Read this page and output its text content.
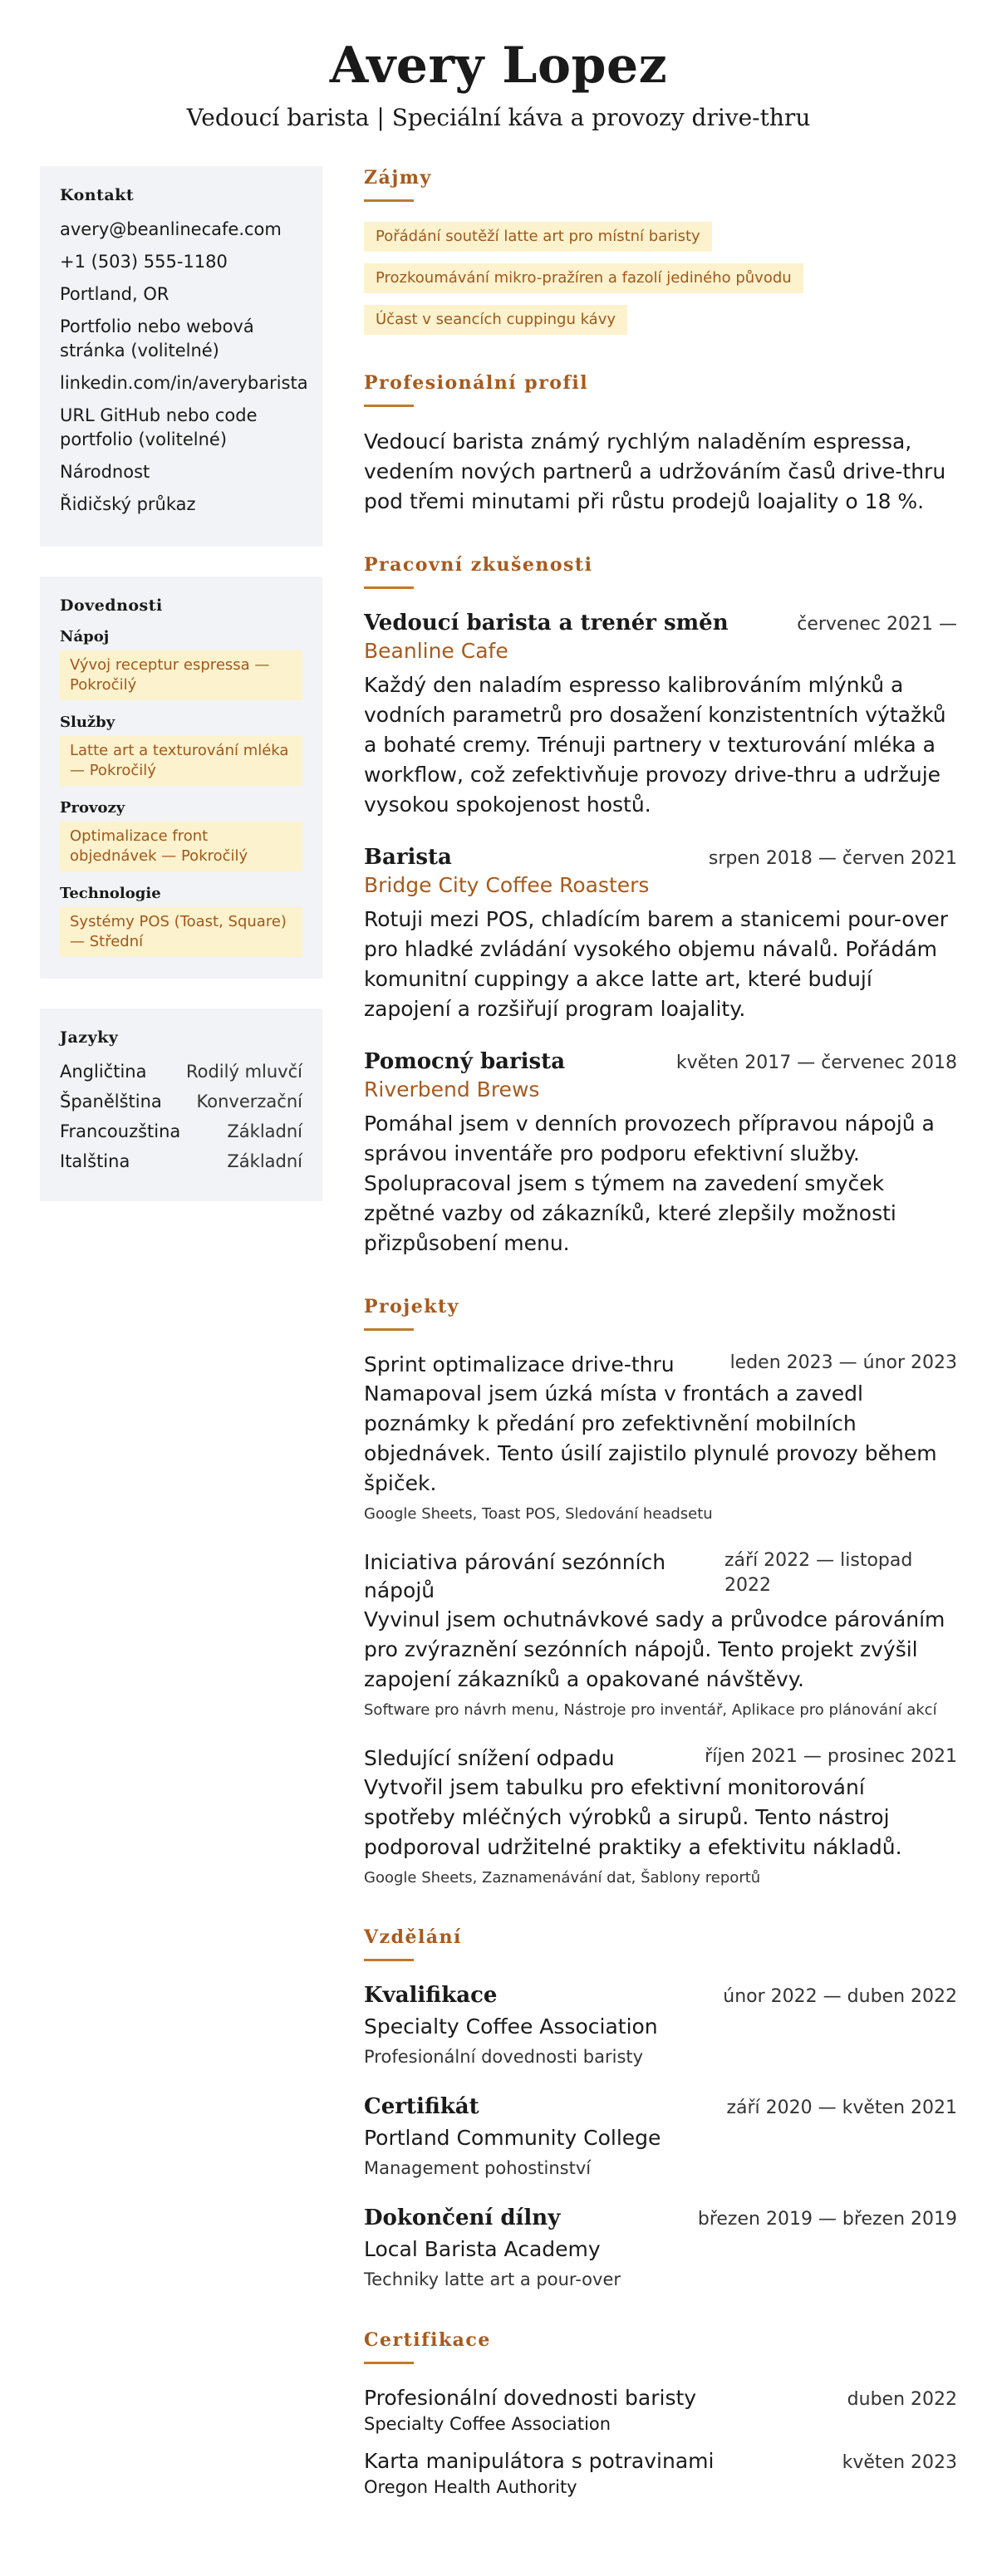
Avery Lopez
Vedoucí barista | Speciální káva a provozy drive-thru
Kontakt
avery@beanlinecafe.com
+1 (503) 555-1180
Portland, OR
Portfolio nebo webová stránka (volitelné)
linkedin.com/in/averybarista
URL GitHub nebo code portfolio (volitelné)
Národnost
Řidičský průkaz
Dovednosti
Nápoj
Vývoj receptur espressa — Pokročilý
Služby
Latte art a texturování mléka — Pokročilý
Provozy
Optimalizace front objednávek — Pokročilý
Technologie
Systémy POS (Toast, Square) — Střední
Jazyky
Angličtina Rodilý mluvčí
Španělština Konverzační
Francouzština	Základní
Italština	Základní
Zájmy
Pořádání soutěží latte art pro místní baristy
Prozkoumávání mikro-pražíren a fazolí jediného původu
Účast v seancích cuppingu kávy
Profesionální profil

Vedoucí barista známý rychlým naladěním espressa, vedením nových partnerů a udržováním časů drive-thru pod třemi minutami při růstu prodejů loajality o 18 %.

Pracovní zkušenosti
Vedoucí barista a trenér směn	červenec 2021 —
Beanline Cafe

Každý den naladím espresso kalibrováním mlýnků a vodních parametrů pro dosažení konzistentních výtažků a bohaté cremy. Trénuji partnery v texturování mléka a workflow, což zefektivňuje provozy drive-thru a udržuje vysokou spokojenost hostů.

Barista	srpen 2018 — červen 2021
Bridge City Coffee Roasters

Rotuji mezi POS, chladícím barem a stanicemi pour-over pro hladké zvládání vysokého objemu návalů. Pořádám komunitní cuppingy a akce latte art, které budují zapojení a rozšiřují program loajality.

Pomocný barista	květen 2017 — červenec 2018
Riverbend Brews

Pomáhal jsem v denních provozech přípravou nápojů a správou inventáře pro podporu efektivní služby. Spolupracoval jsem s týmem na zavedení smyček zpětné vazby od zákazníků, které zlepšily možnosti přizpůsobení menu.

Projekty
Sprint optimalizace drive-thru	leden 2023 — únor 2023

Namapoval jsem úzká místa v frontách a zavedl poznámky k předání pro zefektivnění mobilních objednávek. Tento úsilí zajistilo plynulé provozy během špiček.

Google Sheets, Toast POS, Sledování headsetu
Iniciativa párování sezónních nápojů
září 2022 — listopad 2022

Vyvinul jsem ochutnávkové sady a průvodce párováním pro zvýraznění sezónních nápojů. Tento projekt zvýšil zapojení zákazníků a opakované návštěvy.

Software pro návrh menu, Nástroje pro inventář, Aplikace pro plánování akcí
Sledující snížení odpadu	říjen 2021 — prosinec 2021

Vytvořil jsem tabulku pro efektivní monitorování spotřeby mléčných výrobků a sirupů. Tento nástroj podporoval udržitelné praktiky a efektivitu nákladů.

Google Sheets, Zaznamenávání dat, Šablony reportů
Vzdělání
Kvalifikace	únor 2022 — duben 2022
Specialty Coffee Association
Profesionální dovednosti baristy
Certifikát	září 2020 — květen 2021
Portland Community College
Management pohostinství
Dokončení dílny	březen 2019 — březen 2019
Local Barista Academy
Techniky latte art a pour-over
Certifikace
Profesionální dovednosti baristy	duben 2022
Specialty Coffee Association
Karta manipulátora s potravinami	květen 2023
Oregon Health Authority
